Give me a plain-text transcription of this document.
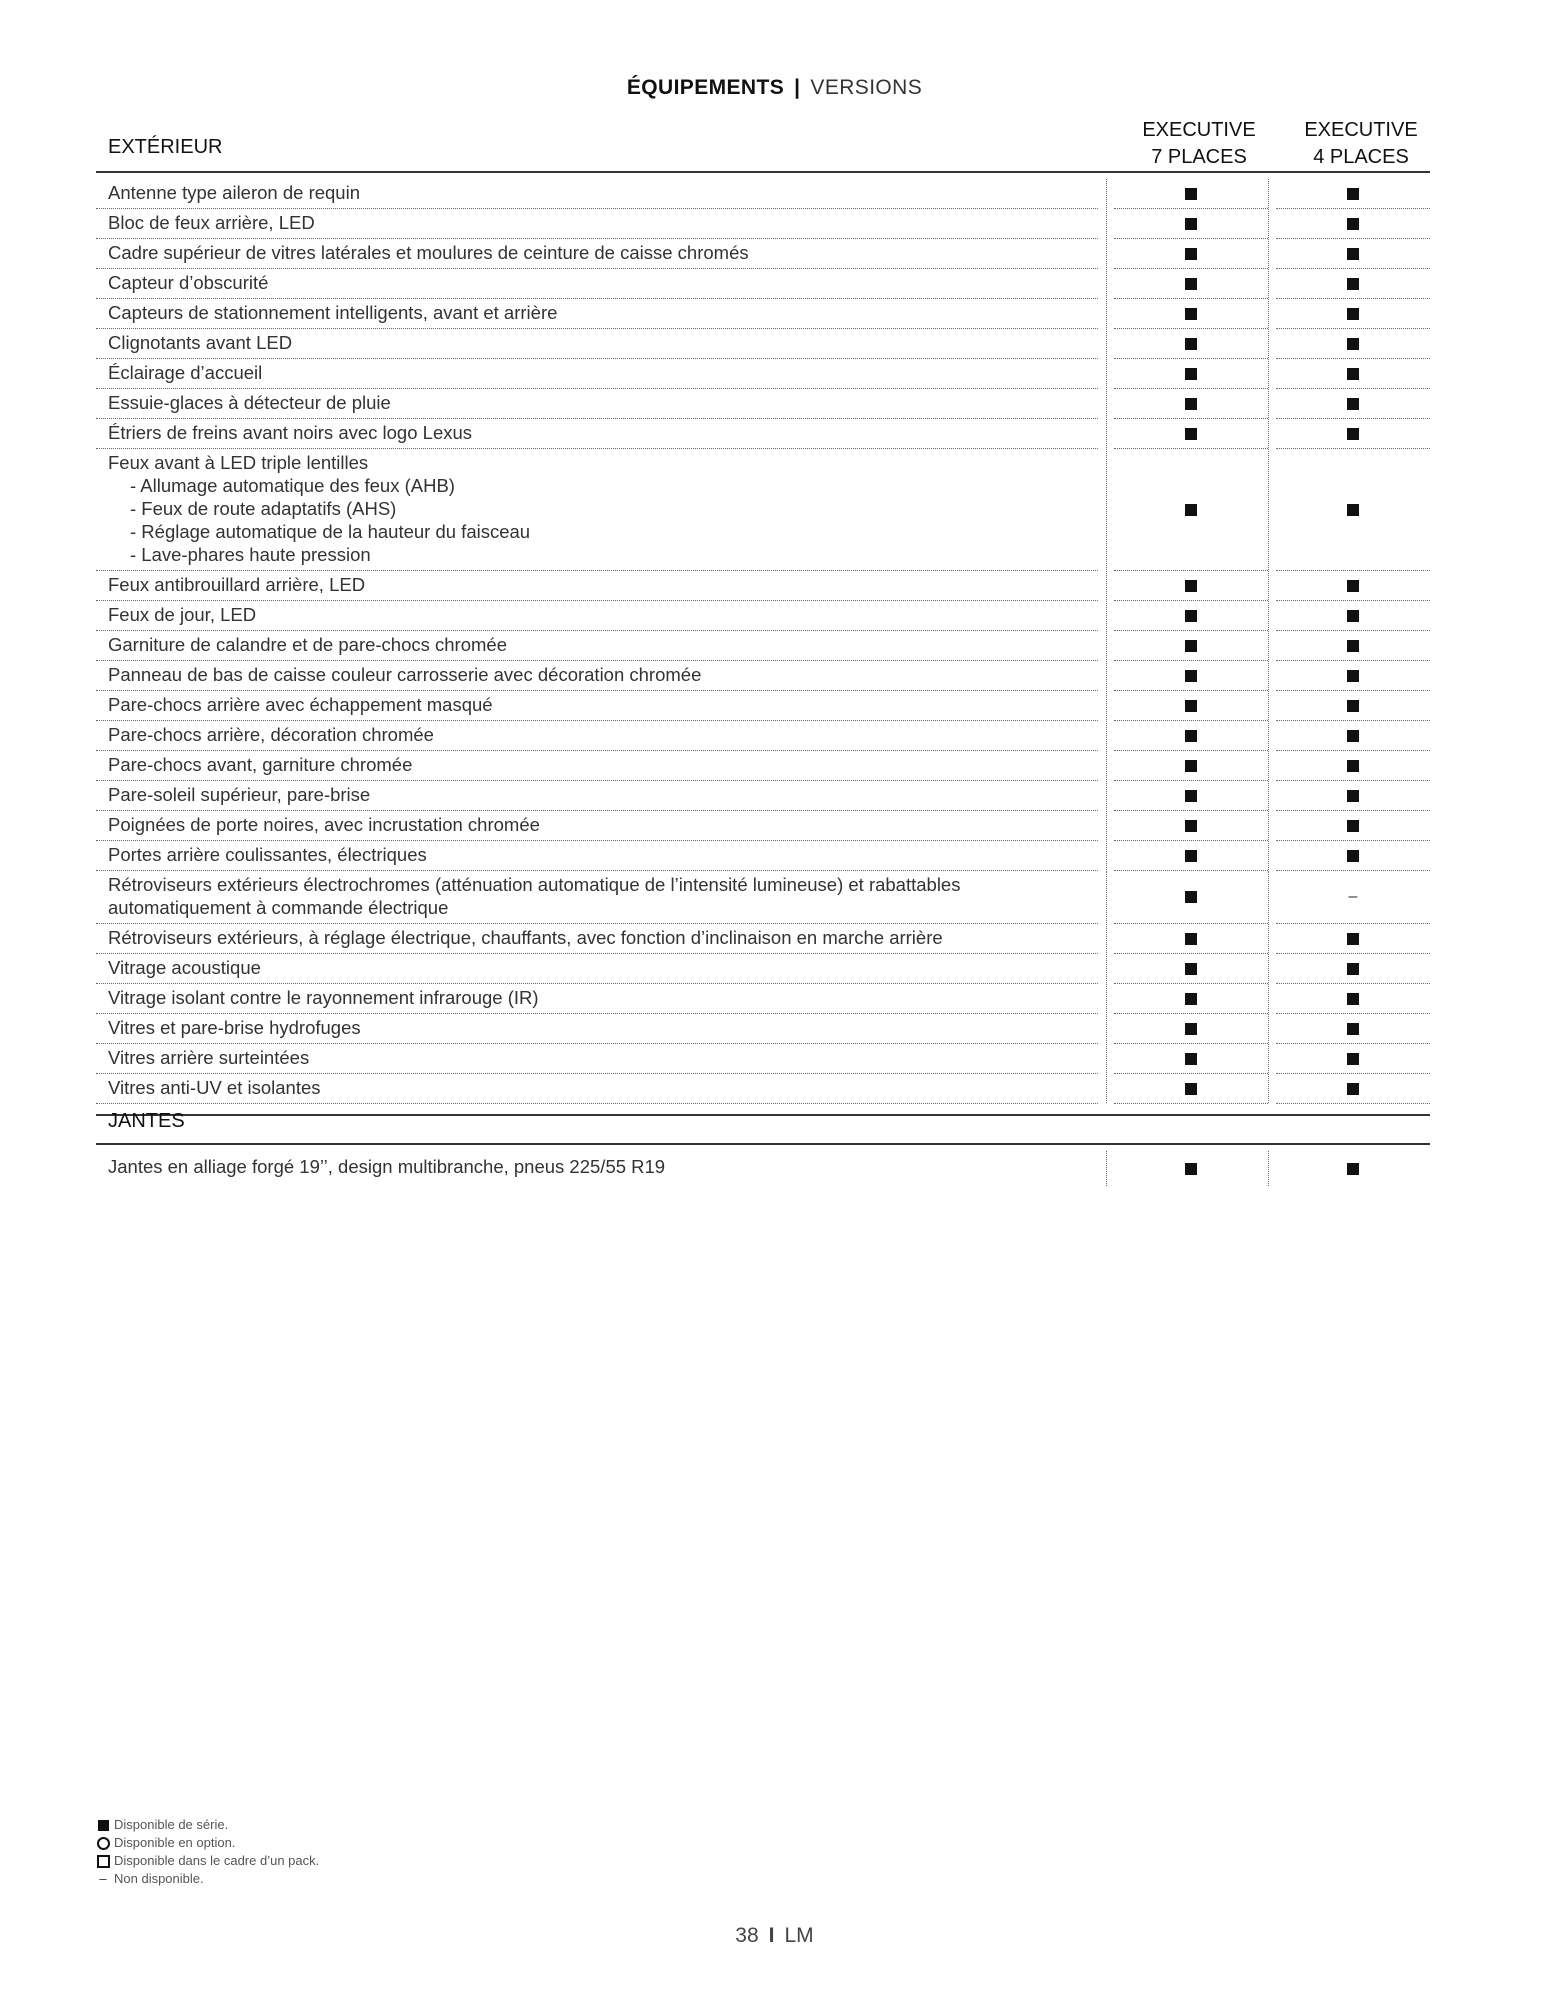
ÉQUIPEMENTS | VERSIONS
EXTÉRIEUR
EXECUTIVE
7 PLACES
EXECUTIVE
4 PLACES
Antenne type aileron de requin
Bloc de feux arrière, LED
Cadre supérieur de vitres latérales et moulures de ceinture de caisse chromés
Capteur d’obscurité
Capteurs de stationnement intelligents, avant et arrière
Clignotants avant LED
Éclairage d’accueil
Essuie-glaces à détecteur de pluie
Étriers de freins avant noirs avec logo Lexus
Feux avant à LED triple lentilles
- Allumage automatique des feux (AHB)
- Feux de route adaptatifs (AHS)
- Réglage automatique de la hauteur du faisceau
- Lave-phares haute pression
Feux antibrouillard arrière, LED
Feux de jour, LED
Garniture de calandre et de pare-chocs chromée
Panneau de bas de caisse couleur carrosserie avec décoration chromée
Pare-chocs arrière avec échappement masqué
Pare-chocs arrière, décoration chromée
Pare-chocs avant, garniture chromée
Pare-soleil supérieur, pare-brise
Poignées de porte noires, avec incrustation chromée
Portes arrière coulissantes, électriques
Rétroviseurs extérieurs électrochromes (atténuation automatique de l’intensité lumineuse) et rabattables
automatiquement à commande électrique
–
Rétroviseurs extérieurs, à réglage électrique, chauffants, avec fonction d’inclinaison en marche arrière
Vitrage acoustique
Vitrage isolant contre le rayonnement infrarouge (IR)
Vitres et pare-brise hydrofuges
Vitres arrière surteintées
Vitres anti-UV et isolantes
JANTES
Jantes en alliage forgé 19’’, design multibranche, pneus 225/55 R19
Disponible de série.
Disponible en option.
Disponible dans le cadre d’un pack.
– Non disponible.
38 I LM
